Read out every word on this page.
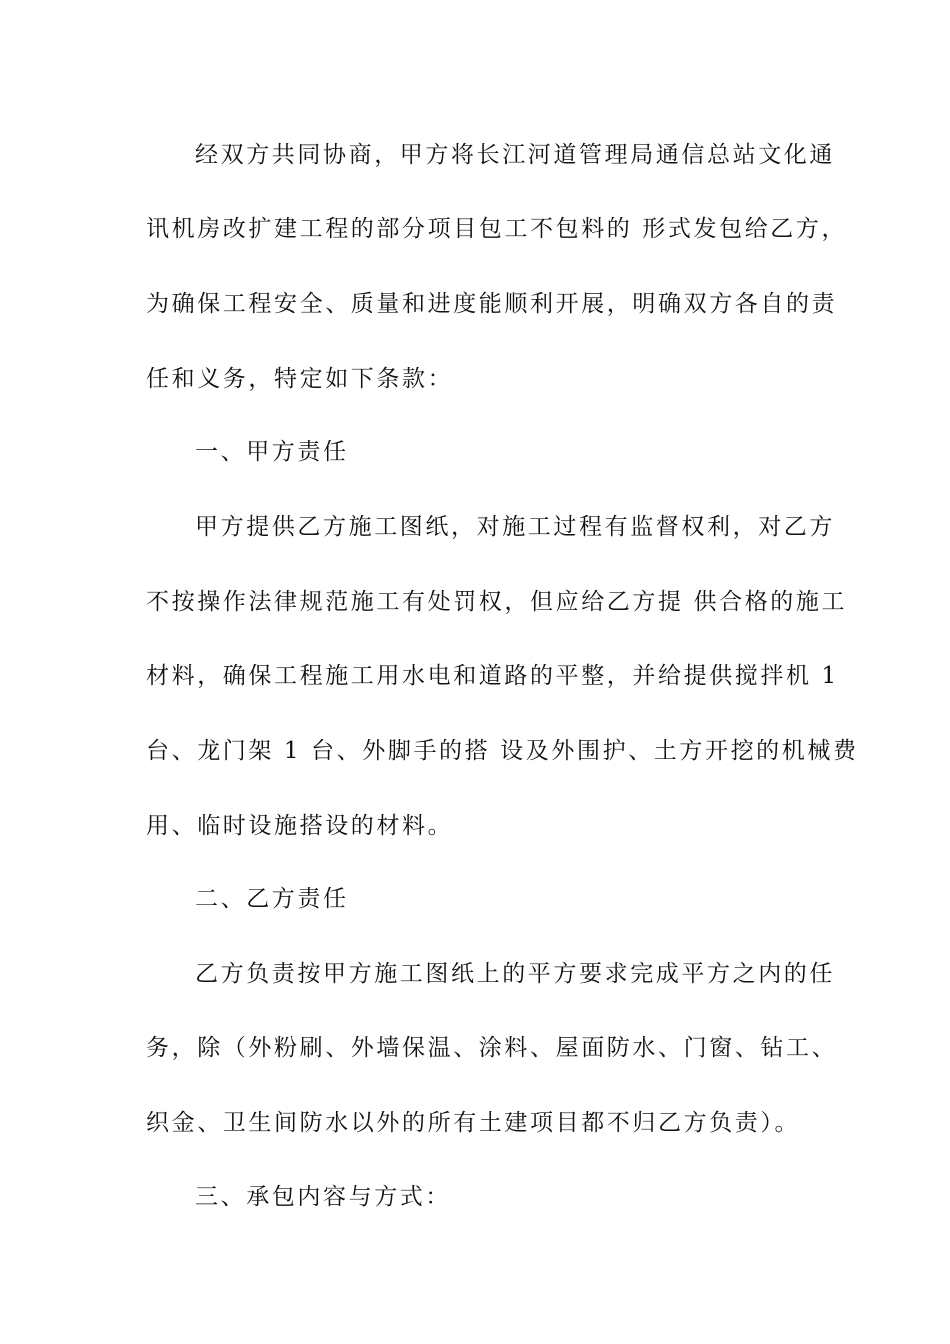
经双方共同协商，甲方将长江河道管理局通信总站文化通
讯机房改扩建工程的部分项目包工不包料的 形式发包给乙方，
为确保工程安全、质量和进度能顺利开展，明确双方各自的责
任和义务，特定如下条款：
一、甲方责任
甲方提供乙方施工图纸，对施工过程有监督权利，对乙方
不按操作法律规范施工有处罚权，但应给乙方提 供合格的施工
材料，确保工程施工用水电和道路的平整，并给提供搅拌机 1
台、龙门架 1 台、外脚手的搭 设及外围护、土方开挖的机械费
用、临时设施搭设的材料。
二、乙方责任
乙方负责按甲方施工图纸上的平方要求完成平方之内的任
务，除（外粉刷、外墙保温、涂料、屋面防水、门窗、钻工、
织金、卫生间防水以外的所有土建项目都不归乙方负责）。
三、承包内容与方式：
